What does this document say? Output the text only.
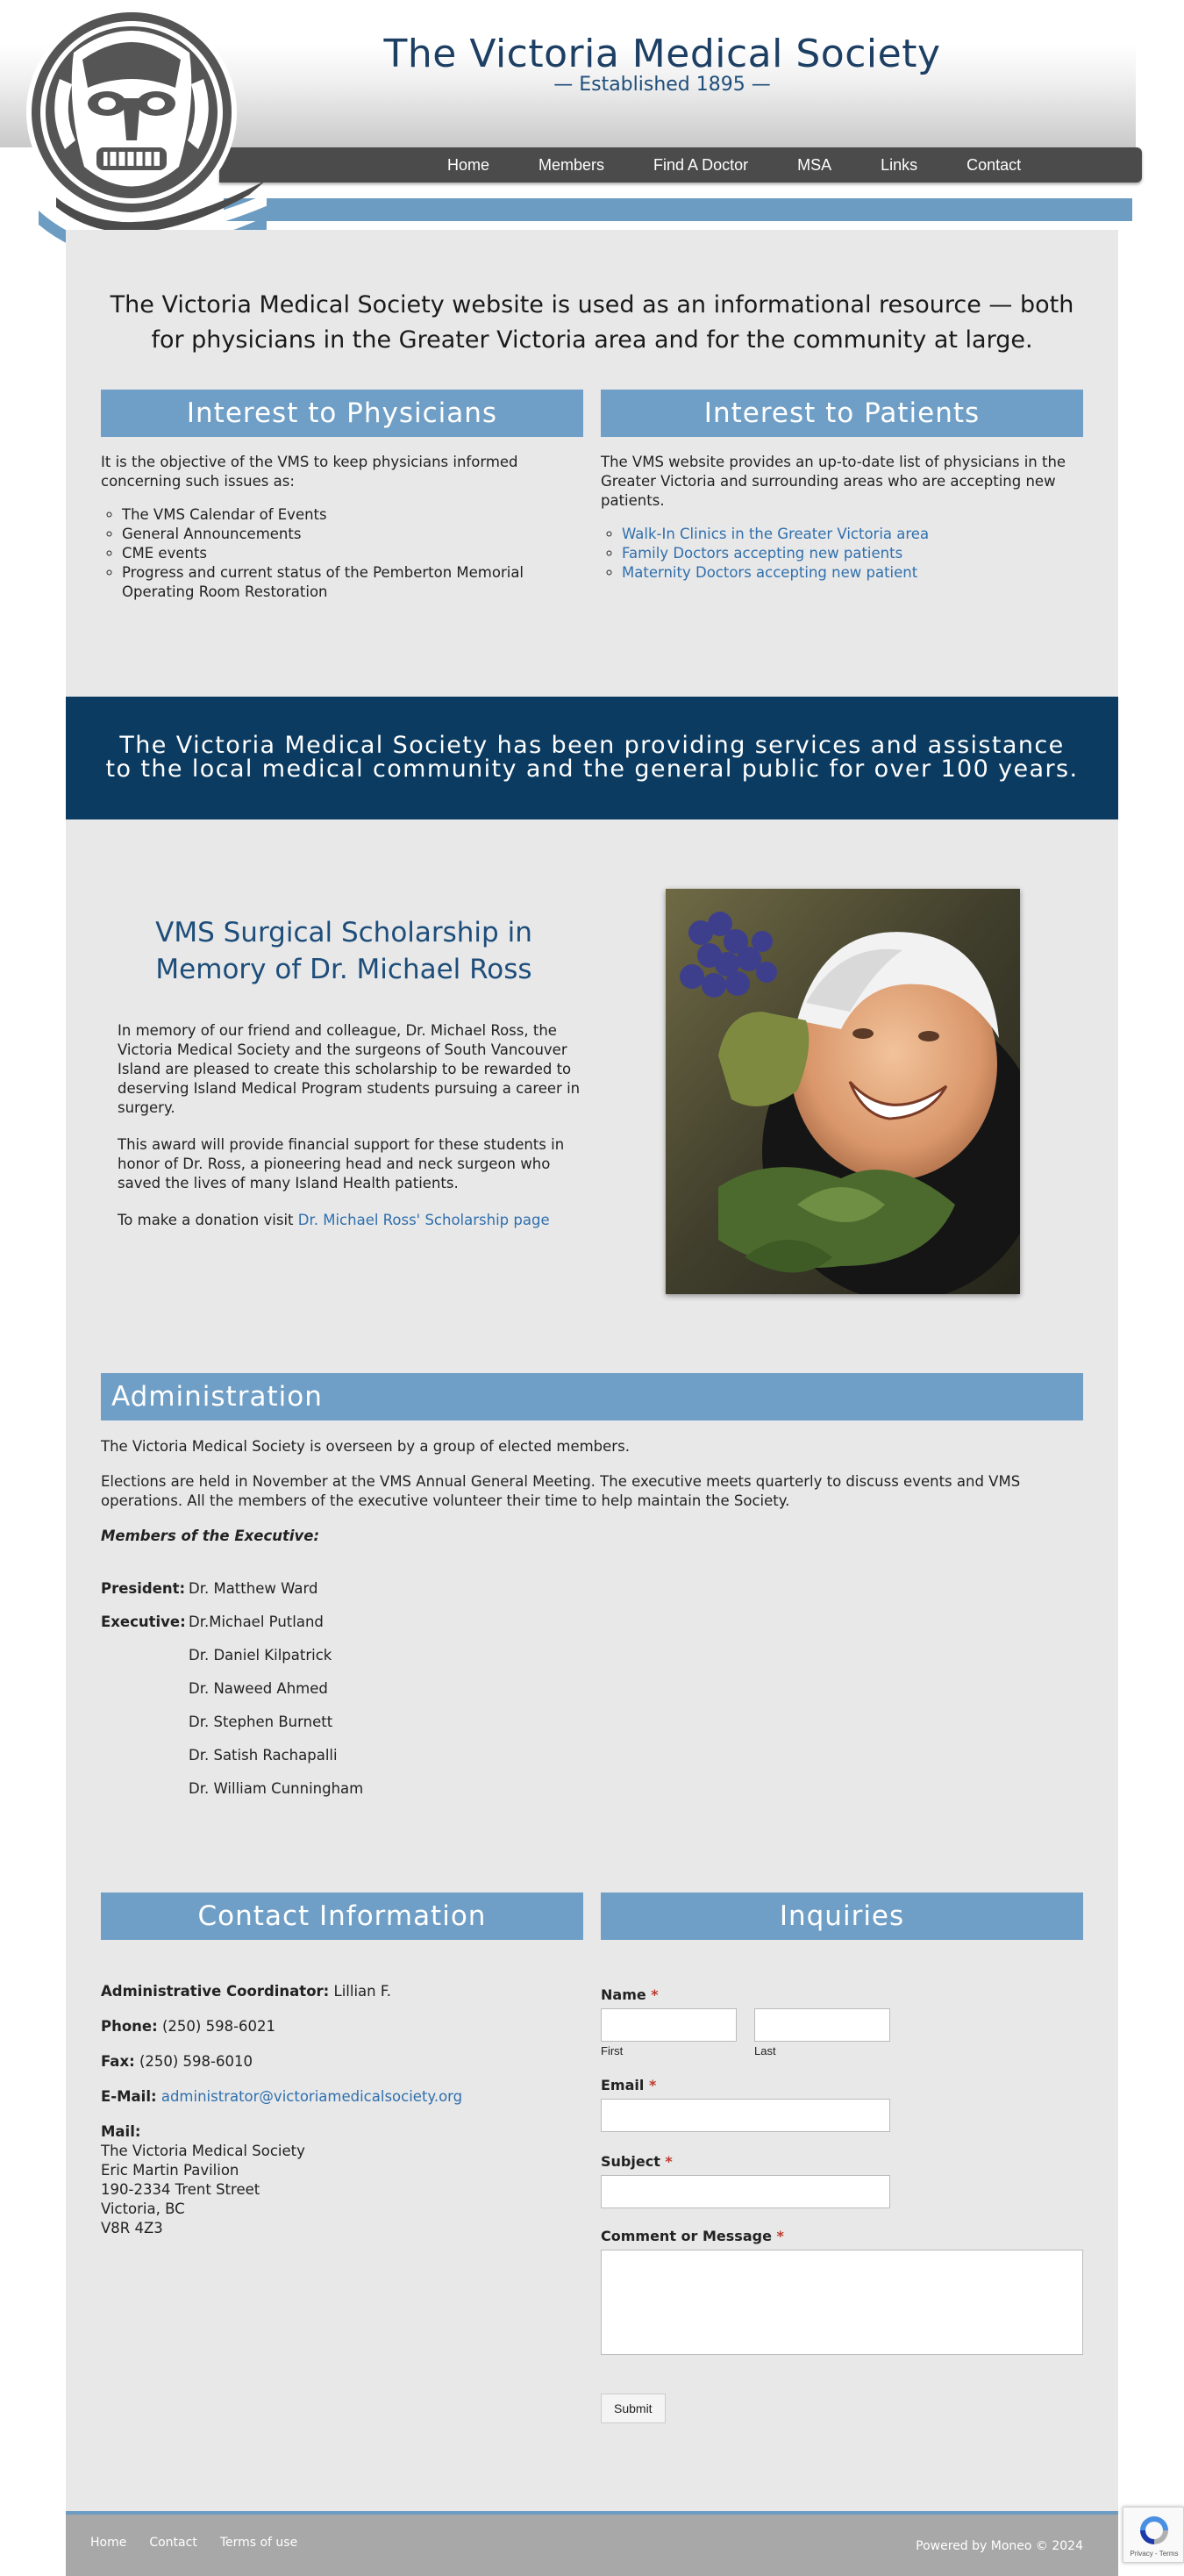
The Victoria Medical Society
— Established 1895 —
Home	Members	Find A Doctor	MSA	Links	Contact
The Victoria Medical Society website is used as an informational resource — both for physicians in the Greater Victoria area and for the community at large.
Interest to Physicians

It is the objective of the VMS to keep physicians informed concerning such issues as:

◦ The VMS Calendar of Events
◦ General Announcements
◦ CME events
◦ Progress and current status of the Pemberton Memorial Operating Room Restoration
Interest to Patients

The VMS website provides an up-to-date list of physicians in the Greater Victoria and surrounding areas who are accepting new patients.

◦ Walk-In Clinics in the Greater Victoria area
◦ Family Doctors accepting new patients
◦ Maternity Doctors accepting new patient
The Victoria Medical Society has been providing services and assistance
to the local medical community and the general public for over 100 years.
VMS Surgical Scholarship in Memory of Dr. Michael Ross

In memory of our friend and colleague, Dr. Michael Ross, the Victoria Medical Society and the surgeons of South Vancouver Island are pleased to create this scholarship to be rewarded to deserving Island Medical Program students pursuing a career in surgery.

This award will provide financial support for these students in honor of Dr. Ross, a pioneering head and neck surgeon who saved the lives of many Island Health patients.

To make a donation visit Dr. Michael Ross' Scholarship page

Administration

The Victoria Medical Society is overseen by a group of elected members.

Elections are held in November at the VMS Annual General Meeting. The executive meets quarterly to discuss events and VMS operations. All the members of the executive volunteer their time to help maintain the Society.

Members of the Executive:

President: Dr. Matthew Ward
Executive: Dr.Michael Putland
Dr. Daniel Kilpatrick
Dr. Naweed Ahmed
Dr. Stephen Burnett
Dr. Satish Rachapalli
Dr. William Cunningham
Contact Information	Inquiries

Administrative Coordinator: Lillian F.

Phone: (250) 598-6021

Fax: (250) 598-6010

E-Mail: administrator@victoriamedicalsociety.org

Mail:
The Victoria Medical Society
Eric Martin Pavilion
190-2334 Trent Street
Victoria, BC
V8R 4Z3
Name *
First	Last
Email *
Subject *
Comment or Message *
Submit
Home Contact Terms of use	Powered by Moneo © 2024
Privacy - Terms
